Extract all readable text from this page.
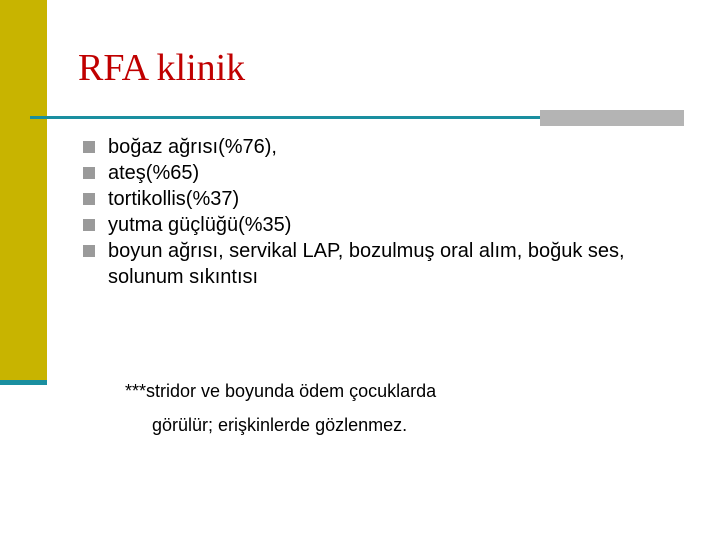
RFA klinik
boğaz ağrısı(%76),
ateş(%65)
tortikollis(%37)
yutma güçlüğü(%35)
boyun ağrısı, servikal LAP, bozulmuş oral alım, boğuk ses, solunum sıkıntısı
***stridor ve boyunda ödem çocuklarda
görülür; erişkinlerde gözlenmez.
